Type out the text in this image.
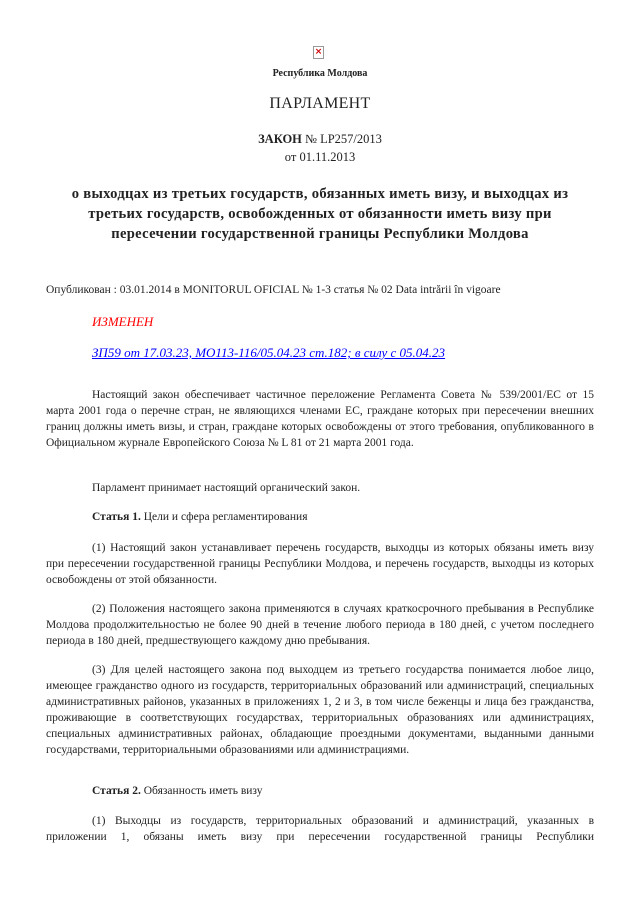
×
Республика Молдова
ПАРЛАМЕНТ
ЗАКОН № LP257/2013
от 01.11.2013
о выходцах из третьих государств, обязанных иметь визу, и выходцах из третьих государств, освобожденных от обязанности иметь визу при пересечении государственной границы Республики Молдова
Опубликован : 03.01.2014 в MONITORUL OFICIAL № 1-3 статья № 02 Data intrării în vigoare
ИЗМЕНЕН
ЗП59 от 17.03.23, MO113-116/05.04.23 ст.182; в силу с 05.04.23
Настоящий закон обеспечивает частичное переложение Регламента Совета № 539/2001/ЕС от 15 марта 2001 года о перечне стран, не являющихся членами ЕС, граждане которых при пересечении внешних границ должны иметь визы, и стран, граждане которых освобождены от этого требования, опубликованного в Официальном журнале Европейского Союза № L 81 от 21 марта 2001 года.
Парламент принимает настоящий органический закон.
Статья 1. Цели и сфера регламентирования
(1) Настоящий закон устанавливает перечень государств, выходцы из которых обязаны иметь визу при пересечении государственной границы Республики Молдова, и перечень государств, выходцы из которых освобождены от этой обязанности.
(2) Положения настоящего закона применяются в случаях краткосрочного пребывания в Республике Молдова продолжительностью не более 90 дней в течение любого периода в 180 дней, с учетом последнего периода в 180 дней, предшествующего каждому дню пребывания.
(3) Для целей настоящего закона под выходцем из третьего государства понимается любое лицо, имеющее гражданство одного из государств, территориальных образований или администраций, специальных административных районов, указанных в приложениях 1, 2 и 3, в том числе беженцы и лица без гражданства, проживающие в соответствующих государствах, территориальных образованиях или администрациях, специальных административных районах, обладающие проездными документами, выданными данными государствами, территориальными образованиями или администрациями.
Статья 2. Обязанность иметь визу
(1) Выходцы из государств, территориальных образований и администраций, указанных в приложении 1, обязаны иметь визу при пересечении государственной границы Республики
